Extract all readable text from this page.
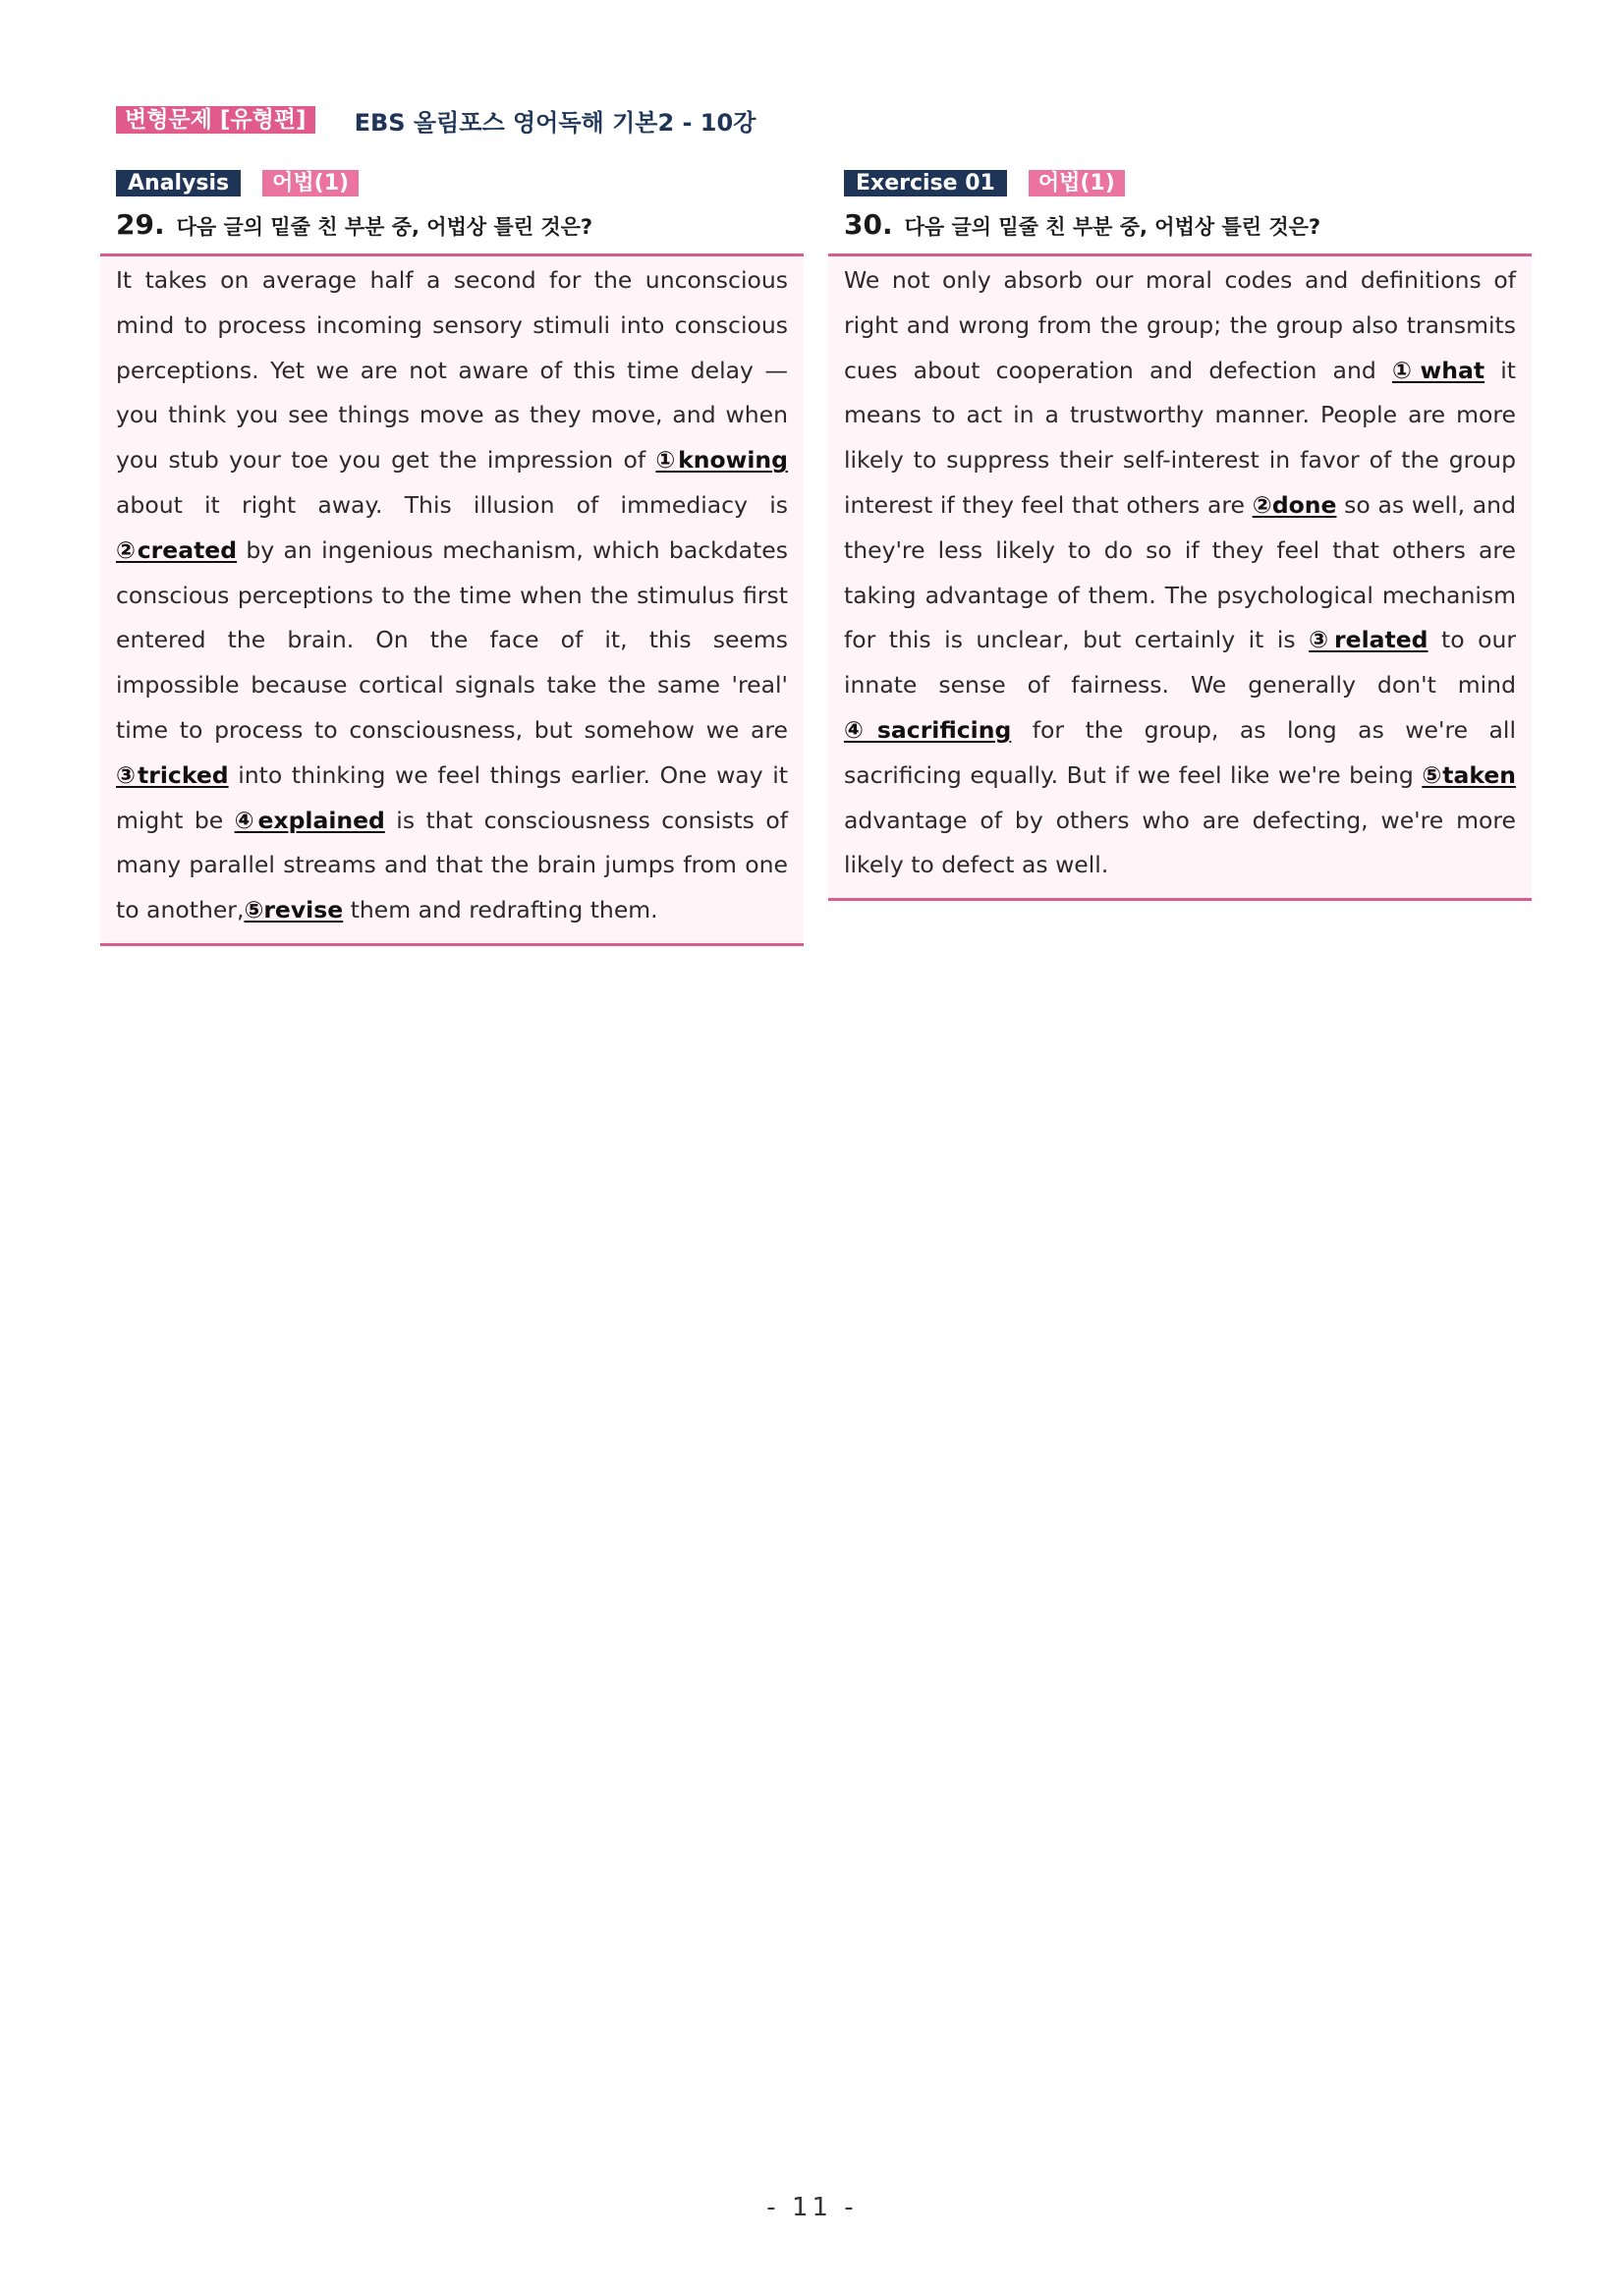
변형문제 [유형편]	EBS 올림포스 영어독해 기본2 - 10강
Analysis	어법(1)
29. 다음 글의 밑줄 친 부분 중, 어법상 틀린 것은?

It takes on average half a second for the unconscious mind to process incoming sensory stimuli into conscious perceptions. Yet we are not aware of this time delay — you think you see things move as they move, and when you stub your toe you get the impression of ①knowing about it right away. This illusion of immediacy is ②created by an ingenious mechanism, which backdates conscious perceptions to the time when the stimulus first entered the brain. On the face of it, this seems impossible because cortical signals take the same 'real' time to process to consciousness, but somehow we are ③tricked into thinking we feel things earlier. One way it might be ④explained is that consciousness consists of many parallel streams and that the brain jumps from one to another,⑤revise them and redrafting them.

Exercise 01	어법(1)
30. 다음 글의 밑줄 친 부분 중, 어법상 틀린 것은?

We not only absorb our moral codes and definitions of right and wrong from the group; the group also transmits cues about cooperation and defection and ①what it means to act in a trustworthy manner. People are more likely to suppress their self-interest in favor of the group interest if they feel that others are ②done so as well, and they're less likely to do so if they feel that others are taking advantage of them. The psychological mechanism for this is unclear, but certainly it is ③related to our innate sense of fairness. We generally don't mind ④sacrificing for the group, as long as we're all sacrificing equally. But if we feel like we're being ⑤taken advantage of by others who are defecting, we're more likely to defect as well.

- 11 -
